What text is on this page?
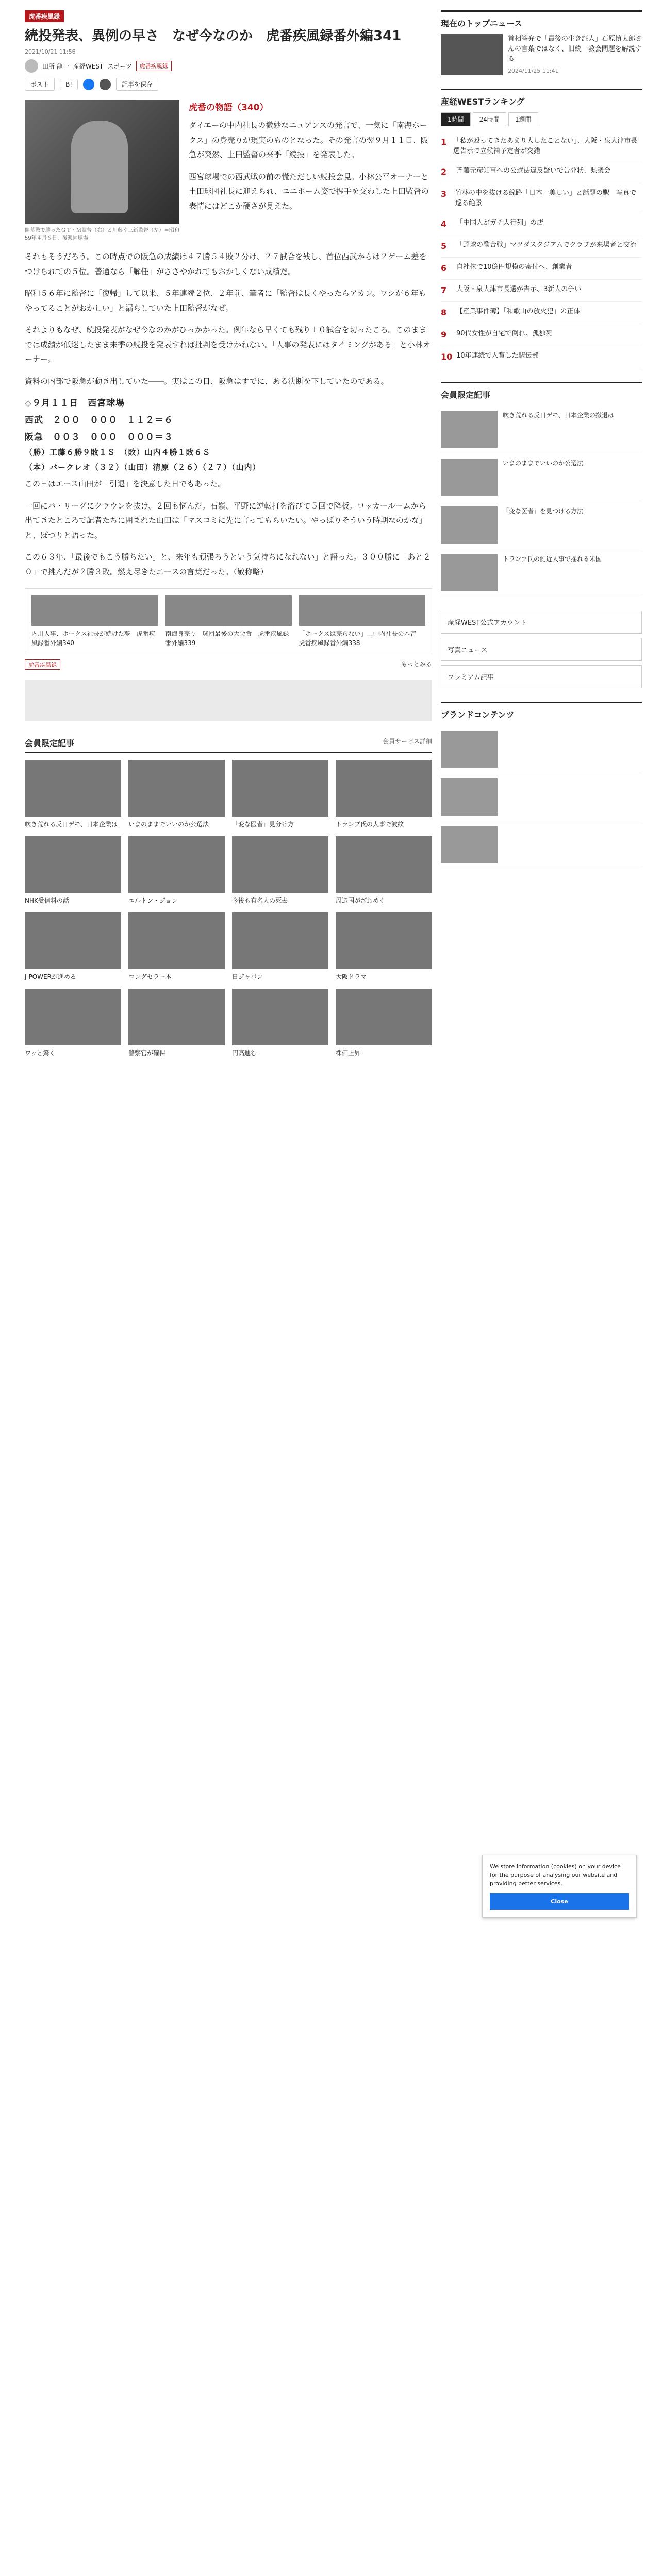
虎番疾風録
続投発表、異例の早さ　なぜ今なのか　虎番疾風録番外編341
2021/10/21 11:56
田所 龍一 産経WEST スポーツ	虎番疾風録
ポスト	B!	記事を保存
開幕戦で勝ったＧＴ・Ｍ監督（右）と川藤幸三新監督（左）＝昭和59年４月６日、後楽園球場
虎番の物語（340）

ダイエーの中内社長の微妙なニュアンスの発言で、一気に「南海ホークス」の身売りが現実のものとなった。その発言の翌９月１１日、阪急が突然、上田監督の来季「続投」を発表した。

西宮球場での西武戦の前の慌ただしい続投会見。小林公平オーナーと土田球団社長に迎えられ、ユニホーム姿で握手を交わした上田監督の表情にはどこか硬さが見えた。

それもそうだろう。この時点での阪急の成績は４７勝５４敗２分け、２７試合を残し、首位西武からは２ゲーム差をつけられての５位。普通なら「解任」がささやかれてもおかしくない成績だ。

昭和５６年に監督に「復帰」して以来、５年連続２位、２年前、筆者に「監督は長くやったらアカン。ワシが６年もやってることがおかしい」と漏らしていた上田監督がなぜ。

それよりもなぜ、続投発表がなぜ今なのかがひっかかった。例年なら早くても残り１０試合を切ったころ。このままでは成績が低迷したまま来季の続投を発表すれば批判を受けかねない。「人事の発表にはタイミングがある」と小林オーナー。

資料の内部で阪急が動き出していた――。実はこの日、阪急はすでに、ある決断を下していたのである。

◇９月１１日　西宮球場
西武　２００　０００　１１２＝６
阪急　００３　０００　０００＝３
（勝）工藤６勝９敗１Ｓ　（敗）山内４勝１敗６Ｓ
（本）バークレオ（３２）（山田）清原（２６）（２７）（山内）

この日はエース山田が「引退」を決意した日でもあった。

一回にパ・リーグにクラウンを抜け、２回も悩んだ。石嶺、平野に逆転打を浴びて５回で降板。ロッカールームから出てきたところで記者たちに囲まれた山田は「マスコミに先に言ってもらいたい。やっぱりそういう時期なのかな」と、ぽつりと語った。

この６３年、「最後でもこう勝ちたい」と、来年も頑張ろうという気持ちになれない」と語った。３００勝に「あと２０」で挑んだが２勝３敗。燃え尽きたエースの言葉だった。（敬称略）

内川人事、ホークス社長が続けた夢　虎番疾風録番外編340
南海身売り　球団最後の大会食　虎番疾風録番外編339
「ホークスは売らない」…中内社長の本音　虎番疾風録番外編338
虎番疾風録	もっとみる
会員限定記事	会員サービス詳細
吹き荒れる反日デモ、日本企業は	いまのままでいいのか公選法	「変な医者」見分け方	トランプ氏の人事で波紋
NHK受信料の話	エルトン・ジョン	今後も有名人の死去	周辺国がざわめく
J-POWERが進める	ロングセラー本	日ジャパン	大阪ドラマ
ワッと驚く	警察官が確保	円高進む	株価上昇
現在のトップニュース
首相答弁で「最後の生き証人」石原慎太郎さんの言葉ではなく、旧統一教会問題を解説する
2024/11/25 11:41
産経WESTランキング
1時間	24時間	1週間
1 「私が殴ってきたあまり大したことない」、大阪・泉大津市長選告示で立候補予定者が交錯
2	斉藤元彦知事への公選法違反疑いで告発状、県議会
3	竹林の中を抜ける線路「日本一美しい」と話題の駅　写真で巡る絶景
4	「中国人がガチ大行列」の店
5	「野球の歌合戦」マツダスタジアムでクラブが来場者と交流
6	自社株で10億円規模の寄付へ、創業者
7	大阪・泉大津市長選が告示、3新人の争い
8	【産業事件簿】「和歌山の放火犯」の正体
9	90代女性が自宅で倒れ、孤独死
10 10年連続で入賞した駅伝部
会員限定記事
吹き荒れる反日デモ、日本企業の撤退は
いまのままでいいのか公選法
「変な医者」を見つける方法
トランプ氏の側近人事で揺れる米国
産経WEST公式アカウント
写真ニュース
プレミアム記事
ブランドコンテンツ
We store information (cookies) on your device for the purpose of analysing our website and providing better services.
Close
